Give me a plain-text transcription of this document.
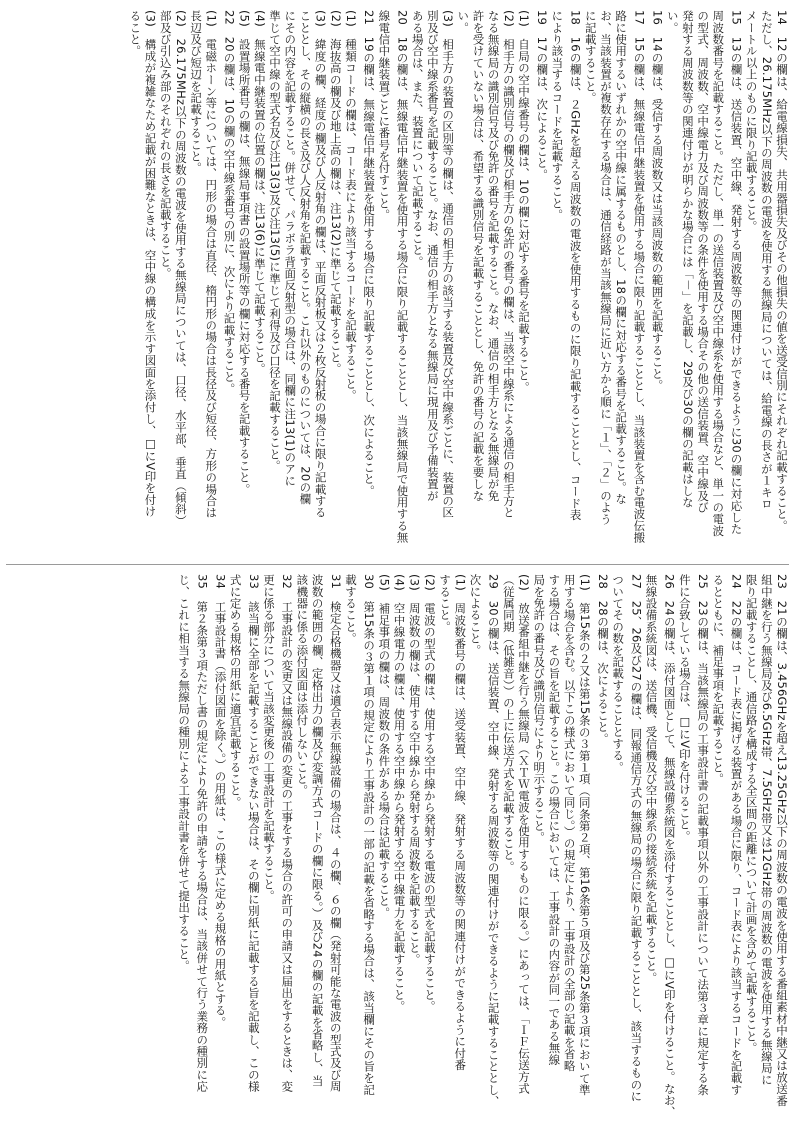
14　12の欄は、給電線損失、共用器損失及びその他損失の値を送受信別にそれぞれ記載すること。
ただし、26.175MHz以下の周波数の電波を使用する無線局については、給電線の長さが１キロ
メートル以上のものに限り記載すること。
15　13の欄は、送信装置、空中線、発射する周波数等の関連付けができるように30の欄に対応した
周波数番号を記載すること。ただし、単一の送信装置及び空中線系を使用する場合など、単一の電波
の型式、周波数、空中線電力及び周波数等の条件を使用する場合その他の送信装置、空中線及び
発射する周波数等の関連付けが明らかな場合には「－」を記載し、29及び30の欄の記載はしな
い。
16　14の欄は、受信する周波数又は当該周波数の範囲を記載すること。
17　15の欄は、無線電信中継装置を使用する場合に限り記載することとし、当該装置を含む電波伝搬
路に使用するいずれかの空中線に属するものとし、18の欄に対応する番号を記載すること。な
お、当該装置が複数存在する場合は、通信経路が当該無線局に近い方から順に「１」、「２」のよう
に記載すること。
18　16の欄は、２GHzを超える周波数の電波を使用するものに限り記載することとし、コード表
により該当するコードを記載すること。
19　17の欄は、次によること。
(1)　自局の空中線番号の欄は、10の欄に対応する番号を記載すること。
(2)　相手方の識別信号の欄及び相手方の免許の番号の欄は、当該空中線系による通信の相手方と
なる無線局の識別信号及び免許の番号を記載すること。なお、通信の相手方となる無線局が免
許を受けていない場合は、希望する識別信号を記載することとし、免許の番号の記載を要しな
い。
(3)　相手方の装置の区別等の欄は、通信の相手方の該当する装置及び空中線系ごとに、装置の区
別及び空中線系番号を記載すること。なお、通信の相手方となる無線局に現用及び予備装置が
ある場合は、また、装置について記載すること。
20　18の欄は、無線電信中継装置を使用する場合に限り記載することとし、当該無線局で使用する無
線電信中継装置ごとに番号を付すこと。
21　19の欄は、無線電信中継装置を使用する場合に限り記載することとし、次によること。
(1)　種類コードの欄は、コード表により該当するコードを記載すること。
(2)　海抜高の欄及び地上高の欄は、注13(2)に準じて記載すること。
(3)　緯度の欄、経度の欄及び人反射角の欄は、平面反射板又は２枚反射板の場合に限り記載する
こととし、その縦横の長さ及び人反射角を記載すること。これ以外のものについては、20の欄
にその内容を記載すること。併せて、パラボラ背面反射型の場合は、同欄に注13(1)のアに
準じて空中線の型式名及び注13(3)及び注13(5)に準じて利得及び口径を記載すること。
(4)　無線電中継装置の位置の欄は、注13(6)に準じて記載すること。
(5)　設置場所番号の欄は、無線局事項書の設置場所等の欄に対応する番号を記載すること。
22　20の欄は、10の欄の空中線系番号の別に、次により記載すること。
(1)　電磁ホーン等については、円形の場合は直径、楕円形の場合は長径及び短径、方形の場合は
長辺及び短辺を記載すること。
(2)　26.175MHz以下の周波数の電波を使用する無線局については、口径、水平部、垂直（傾斜）
部及び引込み部のそれぞれの長さを記載すること。
(3)　構成が複雑なため記載が困難なときは、空中線の構成を示す図面を添付し、□にV印を付け
ること。
23　21の欄は、3.456GHzを超え13.25GHz以下の周波数の電波を使用する番組素材中継又は放送番
組中継を行う無線局及び6.5GHz帯、7.5GHz帯又は12GHz帯の周波数の電波を使用する無線局に
限り記載することし、通信路を構成する全区間の距離について計画を含めて記載すること。
24　22の欄は、コード表に掲げる装置がある場合に限り、コード表により該当するコードを記載す
るとともに、補足事項を記載すること。
25　23の欄は、当該無線局の工事設計書の記載事項以外の工事設計について法第３章に規定する条
件に合致している場合は、□にV印を付けること。
26　24の欄は、添付図面として、無線設備系統図を添付することとし、□にV印を付けること。なお、
無線設備系統図は、送信機、受信機及び空中線系の接続系統を記載すること。
27　25、26及び27の欄は、同報通信方式の無線局の場合に限り記載することとし、該当するものに
ついてその数を記載することとする。
28　28の欄は、次によること。
(1)　第15条の２又は第15条の３第１項（同条第２項、第16条第５項及び第25条第３項において準
用する場合を含む。以下この様式において同じ。）の規定により、工事設計の全部の記載を省略
する場合は、その旨を記載すること。この場合においては、工事設計の内容が同一である無線
局を免許の番号及び識別信号により明示すること。
(2)　放送番組中継を行う無線局（ＸＴＷ電波を使用するものに限る。）にあっては、「ＩＦ伝送方式
（従属同期（低雑音））の上に伝送方式を記載すること。
29　30の欄は、送信装置、空中線、発射する周波数等の関連付けができるように記載することとし、
次によること。
(1)　周波数番号の欄は、送受装置、空中線、発射する周波数等の関連付けができるように付番
すること。
(2)　電波の型式の欄は、使用する空中線から発射する電波の型式を記載すること。
(3)　周波数の欄は、使用する空中線から発射する周波数を記載すること。
(4)　空中線電力の欄は、使用する空中線から発射する空中線電力を記載すること。
(5)　補足事項の欄は、周波数の条件がある場合は記載すること。
30　第15条の３第１項の規定により工事設計の一部の記載を省略する場合は、該当欄にその旨を記
載すること。
31　検定合格機器又は適合表示無線設備の場合は、４の欄、６の欄（発射可能な電波の型式及び周
波数の範囲の欄、定格出力の欄及び変調方式コードの欄に限る。）及び24の欄の記載を省略し、当
該機器に係る添付図面は添付しないこと。
32　工事設計の変更又は無線設備の変更の工事をする場合の許可の申請又は届出をするときは、変
更に係る部分について当該変更後の工事設計を記載すること。
33　該当欄に全部を記載することができない場合は、その欄に別紙に記載する旨を記載し、この様
式に定める規格の用紙に適宜記載すること。
34　工事設計書（添付図面を除く。）の用紙は、この様式に定める規格の用紙とする。
35　第２条第３項ただし書の規定により免許の申請をする場合は、当該併せて行う業務の種別に応
じ、これに相当する無線局の種別による工事設計書を併せて提出すること。
